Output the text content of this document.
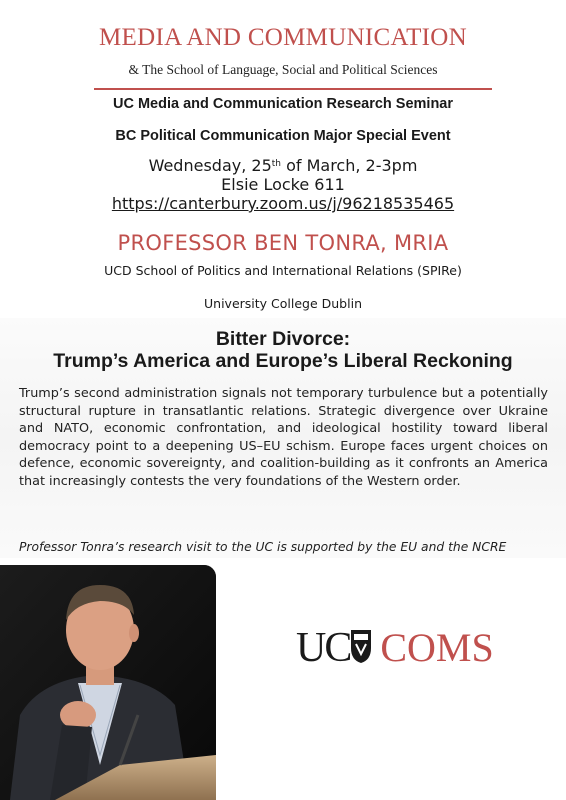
MEDIA AND COMMUNICATION
& The School of Language, Social and Political Sciences
UC Media and Communication Research Seminar
BC Political Communication Major Special Event
Wednesday, 25th of March, 2-3pm
Elsie Locke 611
https://canterbury.zoom.us/j/96218535465
PROFESSOR BEN TONRA, MRIA
UCD School of Politics and International Relations (SPIRe)
University College Dublin
Bitter Divorce:
Trump’s America and Europe’s Liberal Reckoning
Trump’s second administration signals not temporary turbulence but a potentially structural rupture in transatlantic relations. Strategic divergence over Ukraine and NATO, economic confrontation, and ideological hostility toward liberal democracy point to a deepening US–EU schism. Europe faces urgent choices on defence, economic sovereignty, and coalition-building as it confronts an America that increasingly contests the very foundations of the Western order.
Professor Tonra’s research visit to the UC is supported by the EU and the NCRE
UC COMS
